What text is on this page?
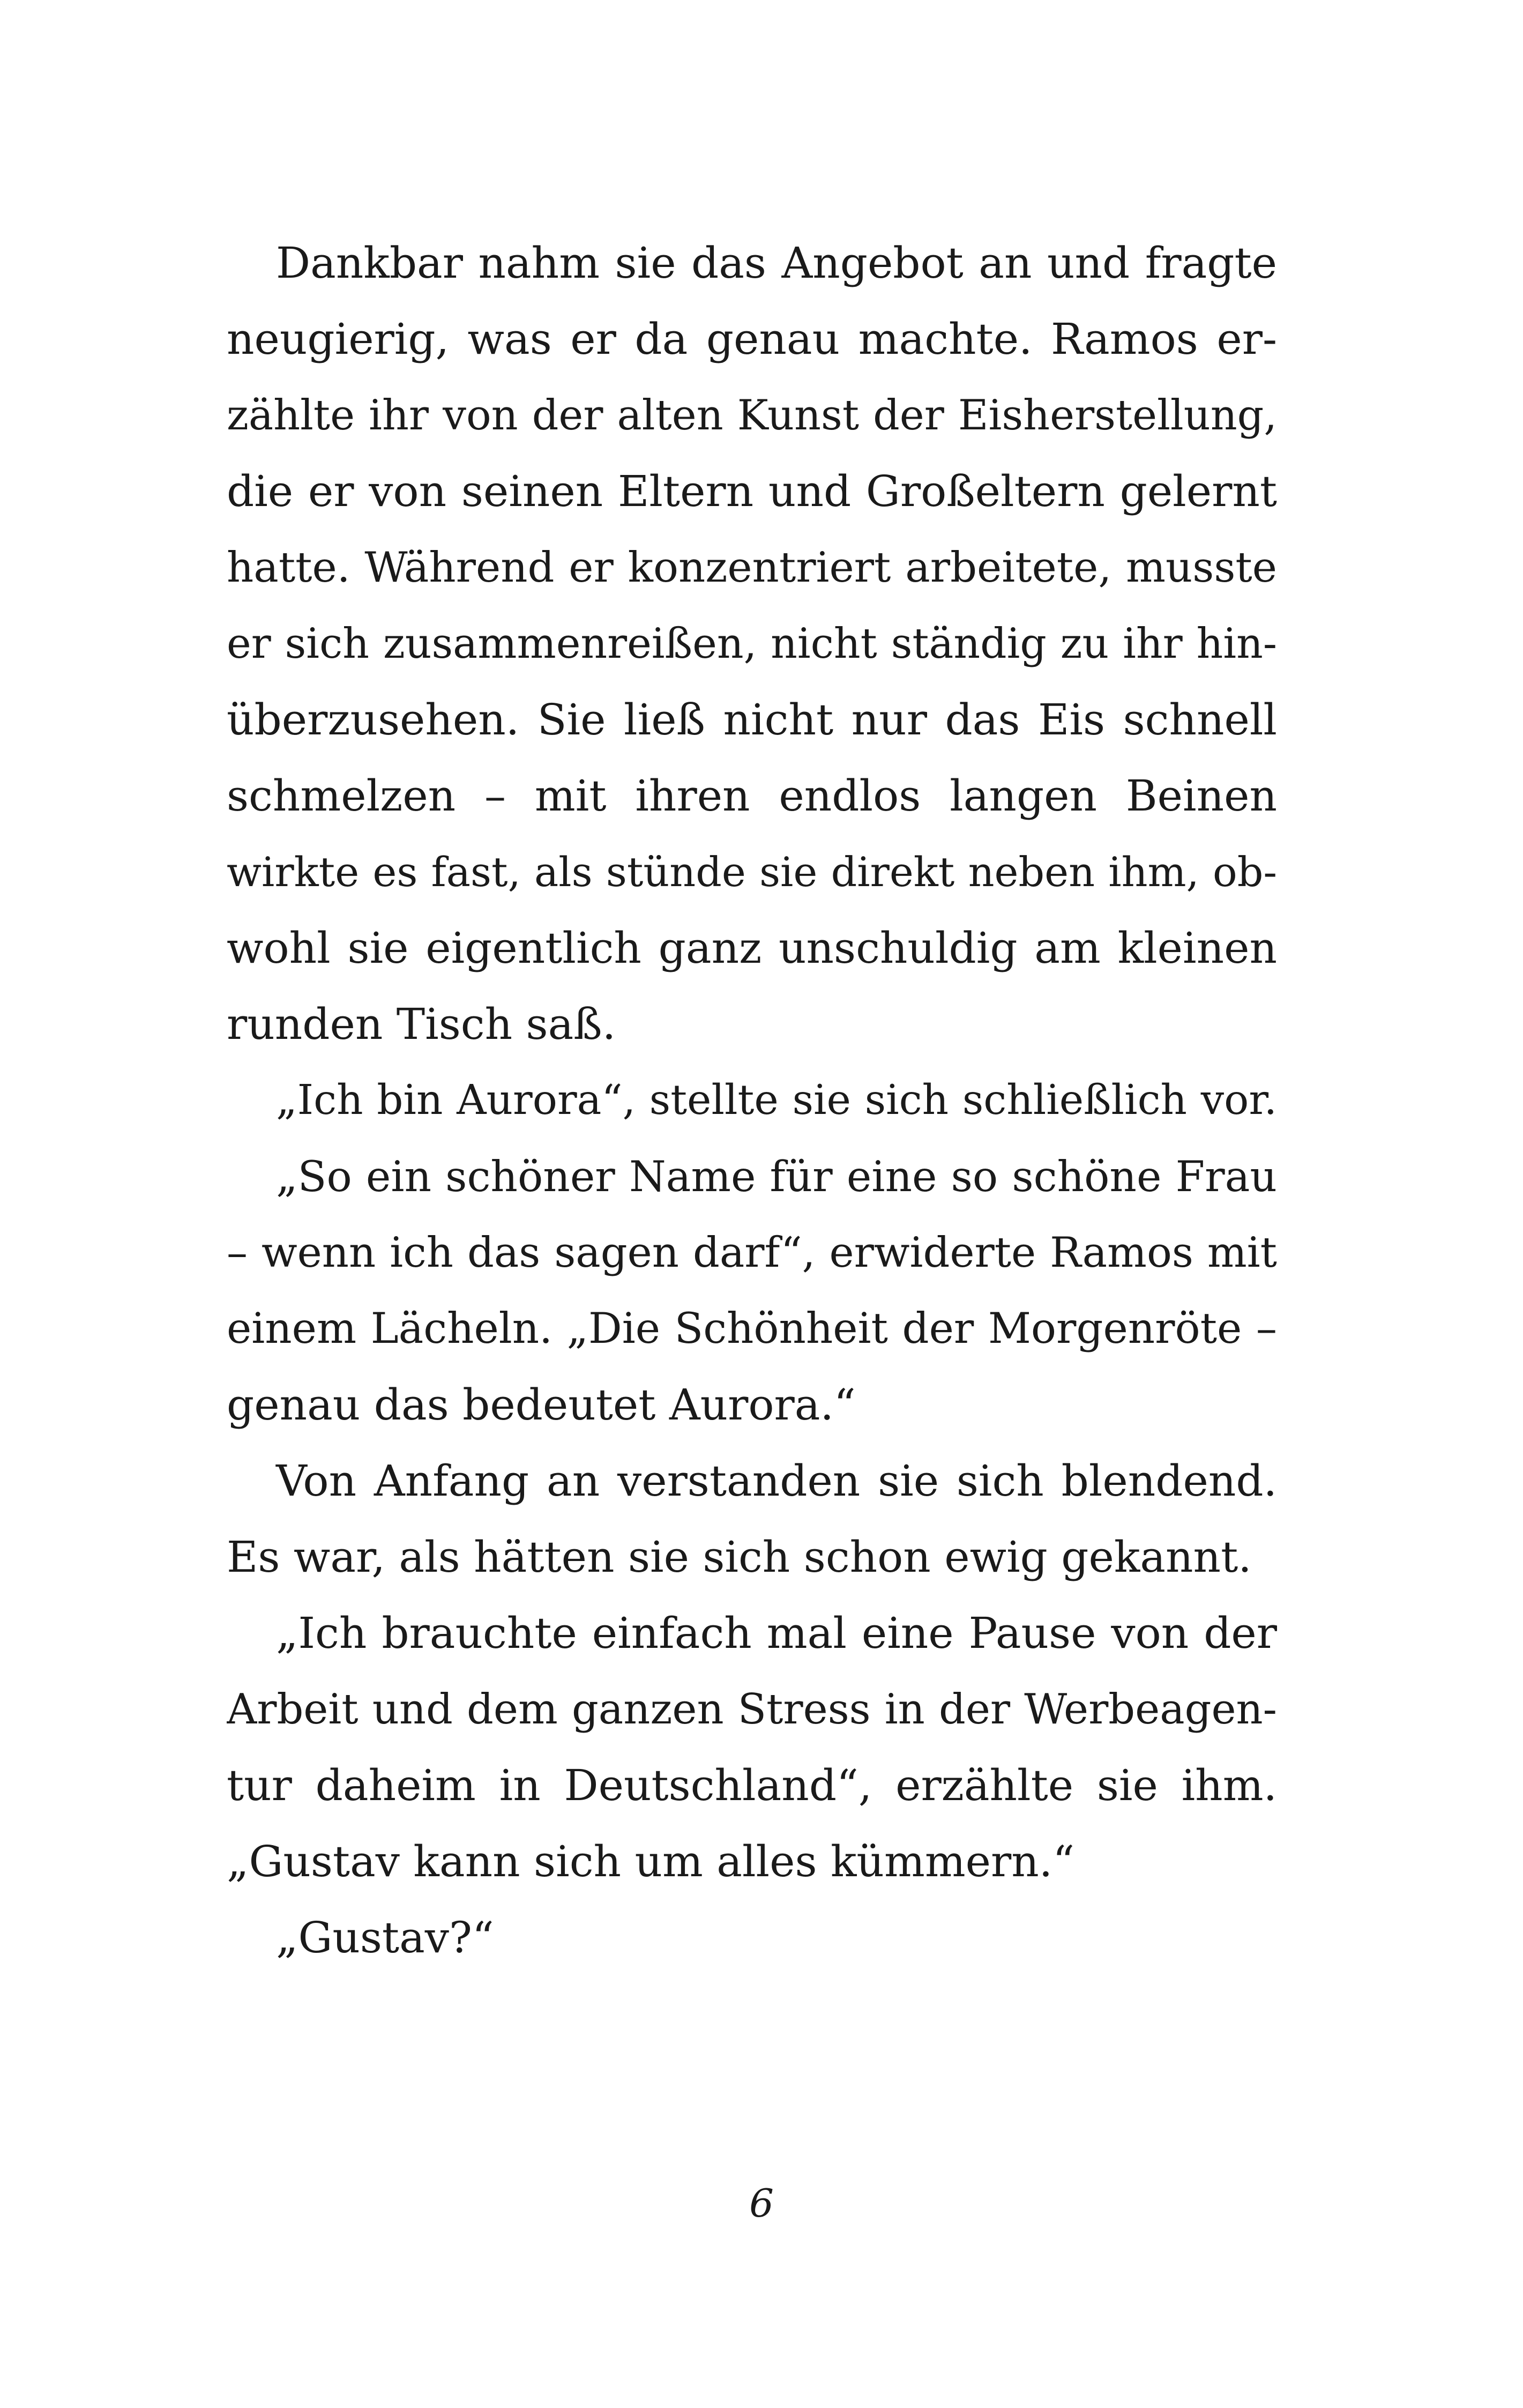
Dankbar nahm sie das Angebot an und fragte
neugierig, was er da genau machte. Ramos er-
zählte ihr von der alten Kunst der Eisherstellung,
die er von seinen Eltern und Großeltern gelernt
hatte. Während er konzentriert arbeitete, musste
er sich zusammenreißen, nicht ständig zu ihr hin-
überzusehen. Sie ließ nicht nur das Eis schnell
schmelzen – mit ihren endlos langen Beinen
wirkte es fast, als stünde sie direkt neben ihm, ob-
wohl sie eigentlich ganz unschuldig am kleinen
runden Tisch saß.
„Ich bin Aurora“, stellte sie sich schließlich vor.
„So ein schöner Name für eine so schöne Frau
– wenn ich das sagen darf“, erwiderte Ramos mit
einem Lächeln. „Die Schönheit der Morgenröte –
genau das bedeutet Aurora.“
Von Anfang an verstanden sie sich blendend.
Es war, als hätten sie sich schon ewig gekannt.
„Ich brauchte einfach mal eine Pause von der
Arbeit und dem ganzen Stress in der Werbeagen-
tur daheim in Deutschland“, erzählte sie ihm.
„Gustav kann sich um alles kümmern.“
„Gustav?“
6
